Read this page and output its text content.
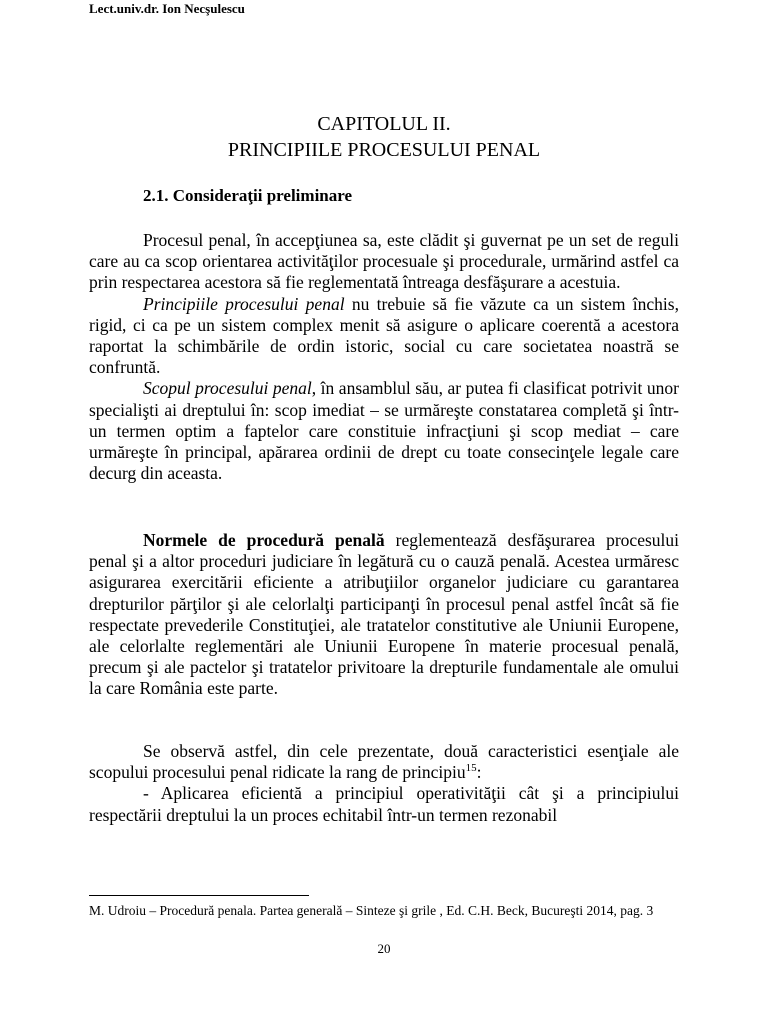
Lect.univ.dr. Ion Necşulescu
CAPITOLUL II.
PRINCIPIILE PROCESULUI PENAL
2.1. Consideraţii preliminare

Procesul penal, în accepţiunea sa, este clădit şi guvernat pe un set de reguli care au ca scop orientarea activităţilor procesuale şi procedurale, urmărind astfel ca prin respectarea acestora să fie reglementată întreaga desfăşurare a acestuia.

Principiile procesului penal nu trebuie să fie văzute ca un sistem închis, rigid, ci ca pe un sistem complex menit să asigure o aplicare coerentă a acestora raportat la schimbările de ordin istoric, social cu care societatea noastră se confruntă.

Scopul procesului penal, în ansamblul său, ar putea fi clasificat potrivit unor specialişti ai dreptului în: scop imediat – se urmăreşte constatarea completă şi într-un termen optim a faptelor care constituie infracţiuni şi scop mediat – care urmăreşte în principal, apărarea ordinii de drept cu toate consecinţele legale care decurg din aceasta.

Normele de procedură penală reglementează desfăşurarea procesului penal şi a altor proceduri judiciare în legătură cu o cauză penală. Acestea urmăresc asigurarea exercitării eficiente a atribuţiilor organelor judiciare cu garantarea drepturilor părţilor şi ale celorlalţi participanţi în procesul penal astfel încât să fie respectate prevederile Constituţiei, ale tratatelor constitutive ale Uniunii Europene, ale celorlalte reglementări ale Uniunii Europene în materie procesual penală, precum şi ale pactelor şi tratatelor privitoare la drepturile fundamentale ale omului la care România este parte.

Se observă astfel, din cele prezentate, două caracteristici esenţiale ale scopului procesului penal ridicate la rang de principiu$^{15}$:

- Aplicarea eficientă a principiul operativităţii cât şi a principiului respectării dreptului la un proces echitabil într-un termen rezonabil

M. Udroiu – Procedură penala. Partea generală – Sinteze şi grile , Ed. C.H. Beck, Bucureşti 2014, pag. 3
20
